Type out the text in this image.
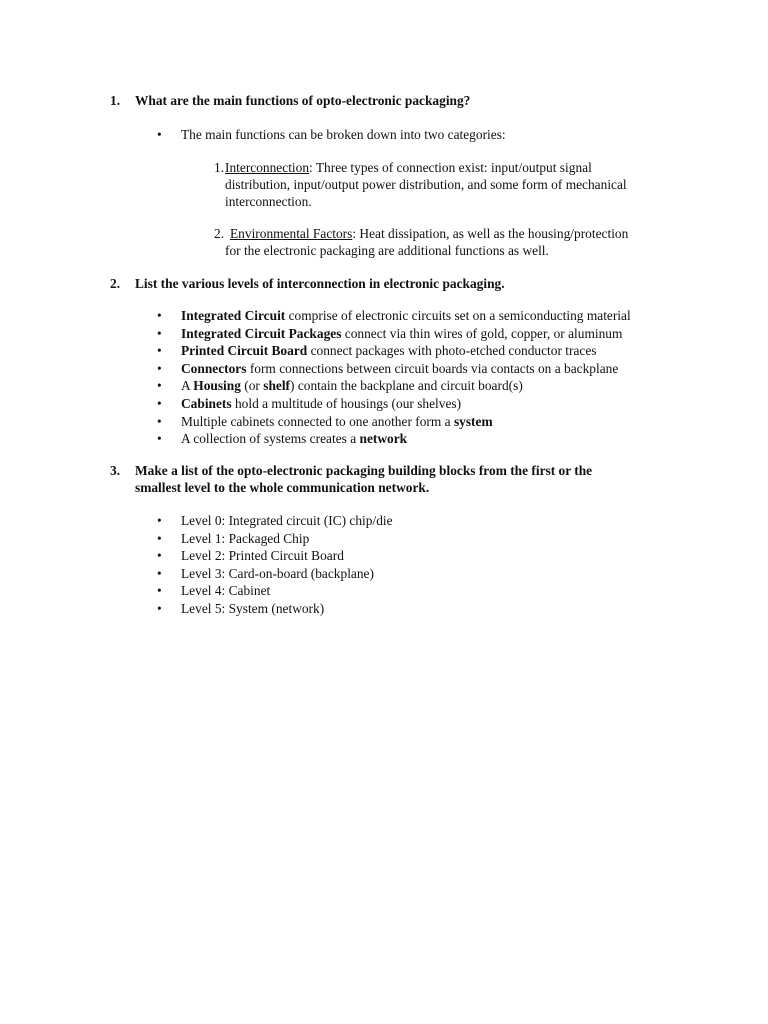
1. What are the main functions of opto-electronic packaging?
• The main functions can be broken down into two categories:
1. Interconnection: Three types of connection exist: input/output signal
distribution, input/output power distribution, and some form of mechanical
interconnection.
2. Environmental Factors: Heat dissipation, as well as the housing/protection
for the electronic packaging are additional functions as well.
2. List the various levels of interconnection in electronic packaging.
• Integrated Circuit comprise of electronic circuits set on a semiconducting material
• Integrated Circuit Packages connect via thin wires of gold, copper, or aluminum
• Printed Circuit Board connect packages with photo-etched conductor traces
• Connectors form connections between circuit boards via contacts on a backplane
• A Housing (or shelf) contain the backplane and circuit board(s)
• Cabinets hold a multitude of housings (our shelves)
• Multiple cabinets connected to one another form a system
• A collection of systems creates a network
3. Make a list of the opto-electronic packaging building blocks from the first or the
smallest level to the whole communication network.
• Level 0: Integrated circuit (IC) chip/die
• Level 1: Packaged Chip
• Level 2: Printed Circuit Board
• Level 3: Card-on-board (backplane)
• Level 4: Cabinet
• Level 5: System (network)
